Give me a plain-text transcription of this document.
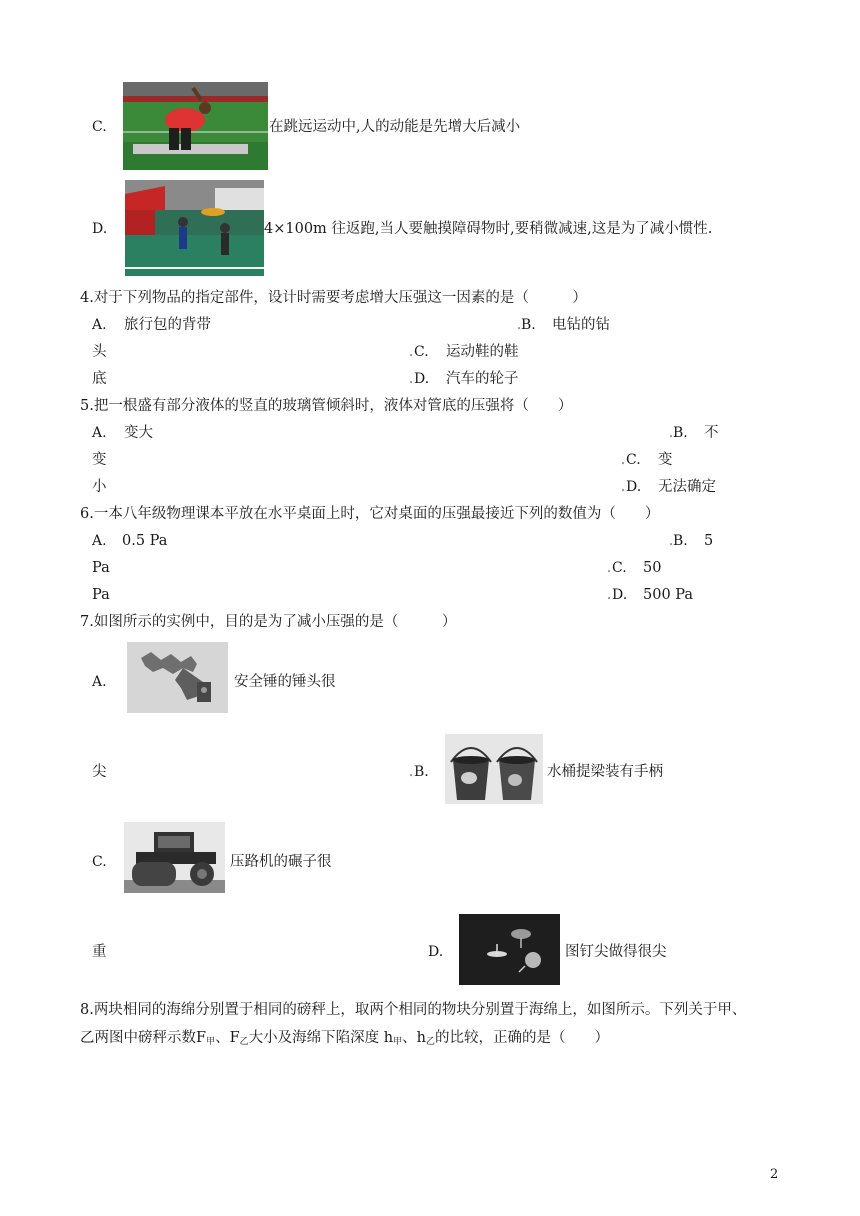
C.	在跳远运动中,人的动能是先增大后减小
D.	4×100m 往返跑,当人要触摸障碍物时,要稍微减速,这是为了减小惯性.
4.对于下列物品的指定部件，设计时需要考虑增大压强这一因素的是（　　　）
A. 旅行包的背带	• B. 电钻的钻
头	• C. 运动鞋的鞋
底	• D. 汽车的轮子
5.把一根盛有部分液体的竖直的玻璃管倾斜时，液体对管底的压强将（　　）
A. 变大	• B. 不
变	• C. 变
小	• D. 无法确定
6.一本八年级物理课本平放在水平桌面上时，它对桌面的压强最接近下列的数值为（　　）
A. 0.5 Pa	• B. 5
Pa	• C. 50
Pa	• D. 500 Pa
7.如图所示的实例中，目的是为了减小压强的是（　　　）
A.	安全锤的锤头很
尖	• B.	水桶提梁装有手柄
C.	压路机的碾子很
重	D.	图钉尖做得很尖
8.两块相同的海绵分别置于相同的磅秤上，取两个相同的物块分别置于海绵上，如图所示。下列关于甲、
乙两图中磅秤示数$F_甲$、$F_乙$大小及海绵下陷深度 $h_甲$、$h_乙$的比较，正确的是（　　）
2
